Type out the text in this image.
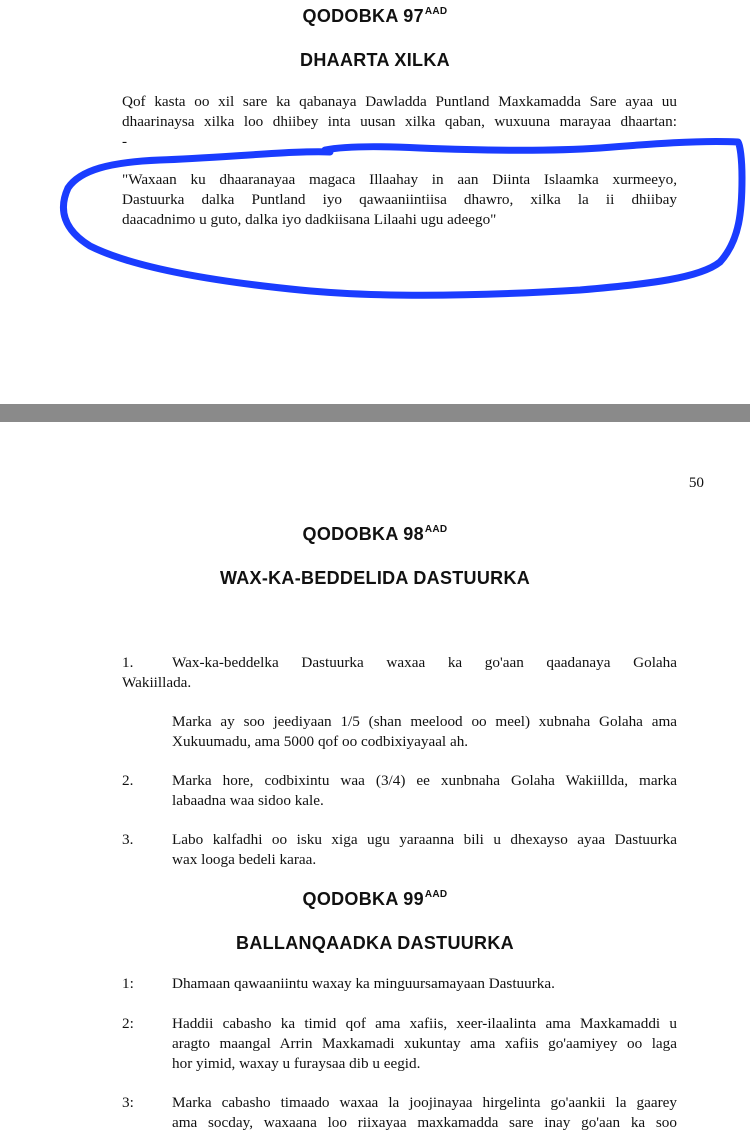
QODOBKA $97^{AAD}$
DHAARTA XILKA
Qof kasta oo xil sare ka qabanaya Dawladda Puntland Maxkamadda Sare ayaa uu
dhaarinaysa xilka loo dhiibey inta uusan xilka qaban, wuxuuna marayaa dhaartan:
-
"Waxaan ku dhaaranayaa magaca Illaahay in aan Diinta Islaamka xurmeeyo,
Dastuurka dalka Puntland iyo qawaaniintiisa dhawro, xilka la ii dhiibay
daacadnimo u guto, dalka iyo dadkiisana Lilaahi ugu adeego"
50
QODOBKA $98^{AAD}$
WAX-KA-BEDDELIDA DASTUURKA
1.	Wax-ka-beddelka Dastuurka waxaa ka go'aan qaadanaya Golaha
Wakiillada.
Marka ay soo jeediyaan 1/5 (shan meelood oo meel) xubnaha Golaha ama
Xukuumadu, ama 5000 qof oo codbixiyayaal ah.
2.	Marka hore, codbixintu waa (3/4) ee xunbnaha Golaha Wakiillda, marka
labaadna waa sidoo kale.
3.	Labo kalfadhi oo isku xiga ugu yaraanna bili u dhexayso ayaa Dastuurka
wax looga bedeli karaa.
QODOBKA $99^{AAD}$
BALLANQAADKA DASTUURKA
1:	Dhamaan qawaaniintu waxay ka minguursamayaan Dastuurka.
2:	Haddii cabasho ka timid qof ama xafiis, xeer-ilaalinta ama Maxkamaddi u
aragto maangal Arrin Maxkamadi xukuntay ama xafiis go'aamiyey oo laga
hor yimid, waxay u furaysaa dib u eegid.
3:	Marka cabasho timaado waxaa la joojinayaa hirgelinta go'aankii la gaarey
ama socday, waxaana loo riixayaa maxkamadda sare inay go'aan ka soo
